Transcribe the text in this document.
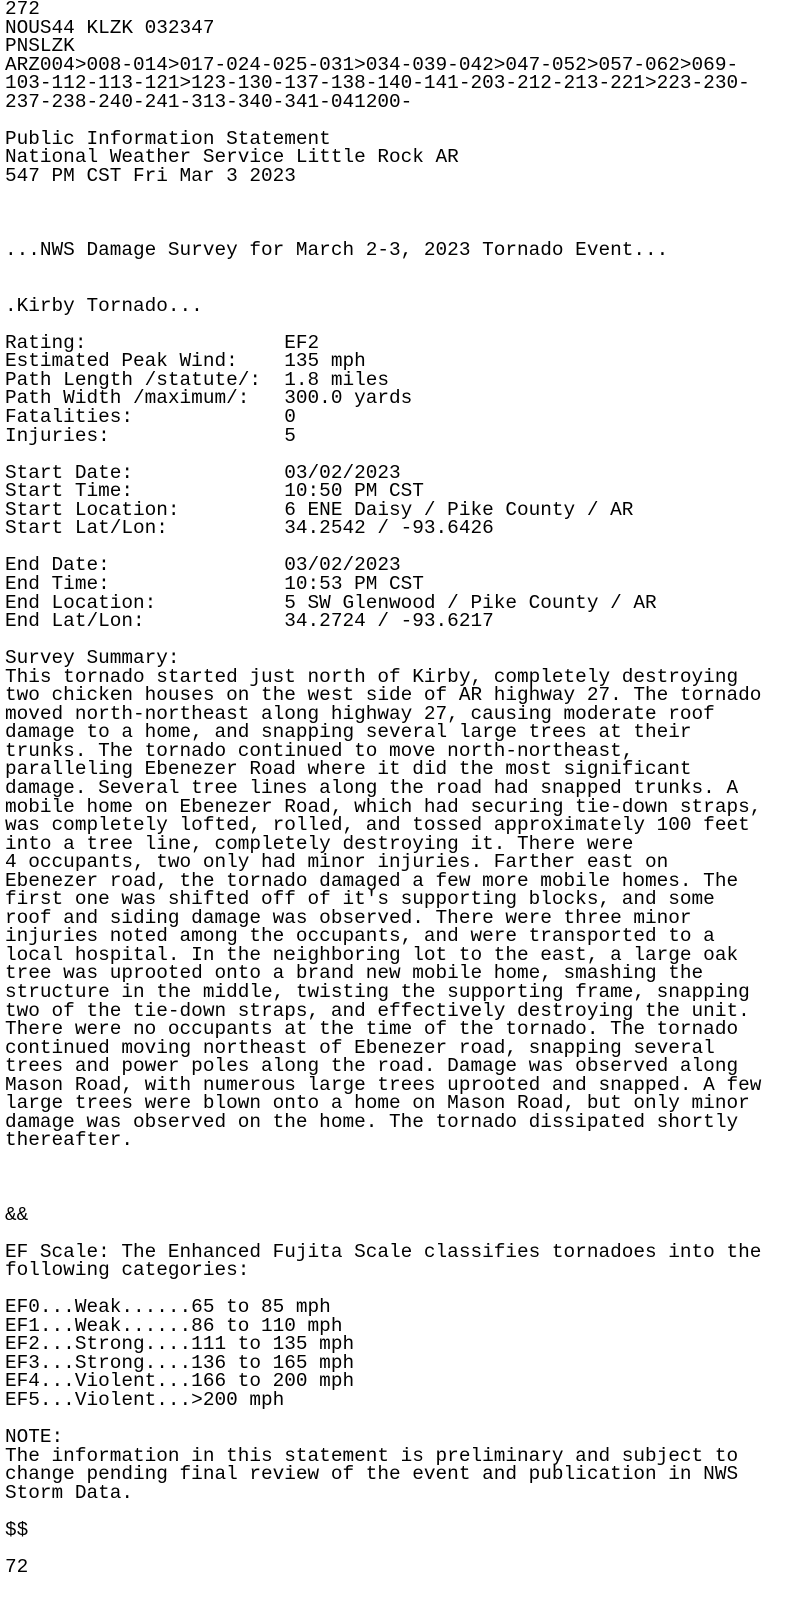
272
NOUS44 KLZK 032347
PNSLZK
ARZ004>008-014>017-024-025-031>034-039-042>047-052>057-062>069-
103-112-113-121>123-130-137-138-140-141-203-212-213-221>223-230-
237-238-240-241-313-340-341-041200-
Public Information Statement
National Weather Service Little Rock AR
547 PM CST Fri Mar 3 2023
...NWS Damage Survey for March 2-3, 2023 Tornado Event...
.Kirby Tornado...
Rating:                 EF2
Estimated Peak Wind:    135 mph
Path Length /statute/:  1.8 miles
Path Width /maximum/:   300.0 yards
Fatalities:             0
Injuries:               5
Start Date:             03/02/2023
Start Time:             10:50 PM CST
Start Location:         6 ENE Daisy / Pike County / AR
Start Lat/Lon:          34.2542 / -93.6426
End Date:               03/02/2023
End Time:               10:53 PM CST
End Location:           5 SW Glenwood / Pike County / AR
End Lat/Lon:            34.2724 / -93.6217
Survey Summary:
This tornado started just north of Kirby, completely destroying
two chicken houses on the west side of AR highway 27. The tornado
moved north-northeast along highway 27, causing moderate roof
damage to a home, and snapping several large trees at their
trunks. The tornado continued to move north-northeast,
paralleling Ebenezer Road where it did the most significant
damage. Several tree lines along the road had snapped trunks. A
mobile home on Ebenezer Road, which had securing tie-down straps,
was completely lofted, rolled, and tossed approximately 100 feet
into a tree line, completely destroying it. There were
4 occupants, two only had minor injuries. Farther east on
Ebenezer road, the tornado damaged a few more mobile homes. The
first one was shifted off of it's supporting blocks, and some
roof and siding damage was observed. There were three minor
injuries noted among the occupants, and were transported to a
local hospital. In the neighboring lot to the east, a large oak
tree was uprooted onto a brand new mobile home, smashing the
structure in the middle, twisting the supporting frame, snapping
two of the tie-down straps, and effectively destroying the unit.
There were no occupants at the time of the tornado. The tornado
continued moving northeast of Ebenezer road, snapping several
trees and power poles along the road. Damage was observed along
Mason Road, with numerous large trees uprooted and snapped. A few
large trees were blown onto a home on Mason Road, but only minor
damage was observed on the home. The tornado dissipated shortly
thereafter.
&&
EF Scale: The Enhanced Fujita Scale classifies tornadoes into the
following categories:
EF0...Weak......65 to 85 mph
EF1...Weak......86 to 110 mph
EF2...Strong....111 to 135 mph
EF3...Strong....136 to 165 mph
EF4...Violent...166 to 200 mph
EF5...Violent...>200 mph
NOTE:
The information in this statement is preliminary and subject to
change pending final review of the event and publication in NWS
Storm Data.
$$
72
